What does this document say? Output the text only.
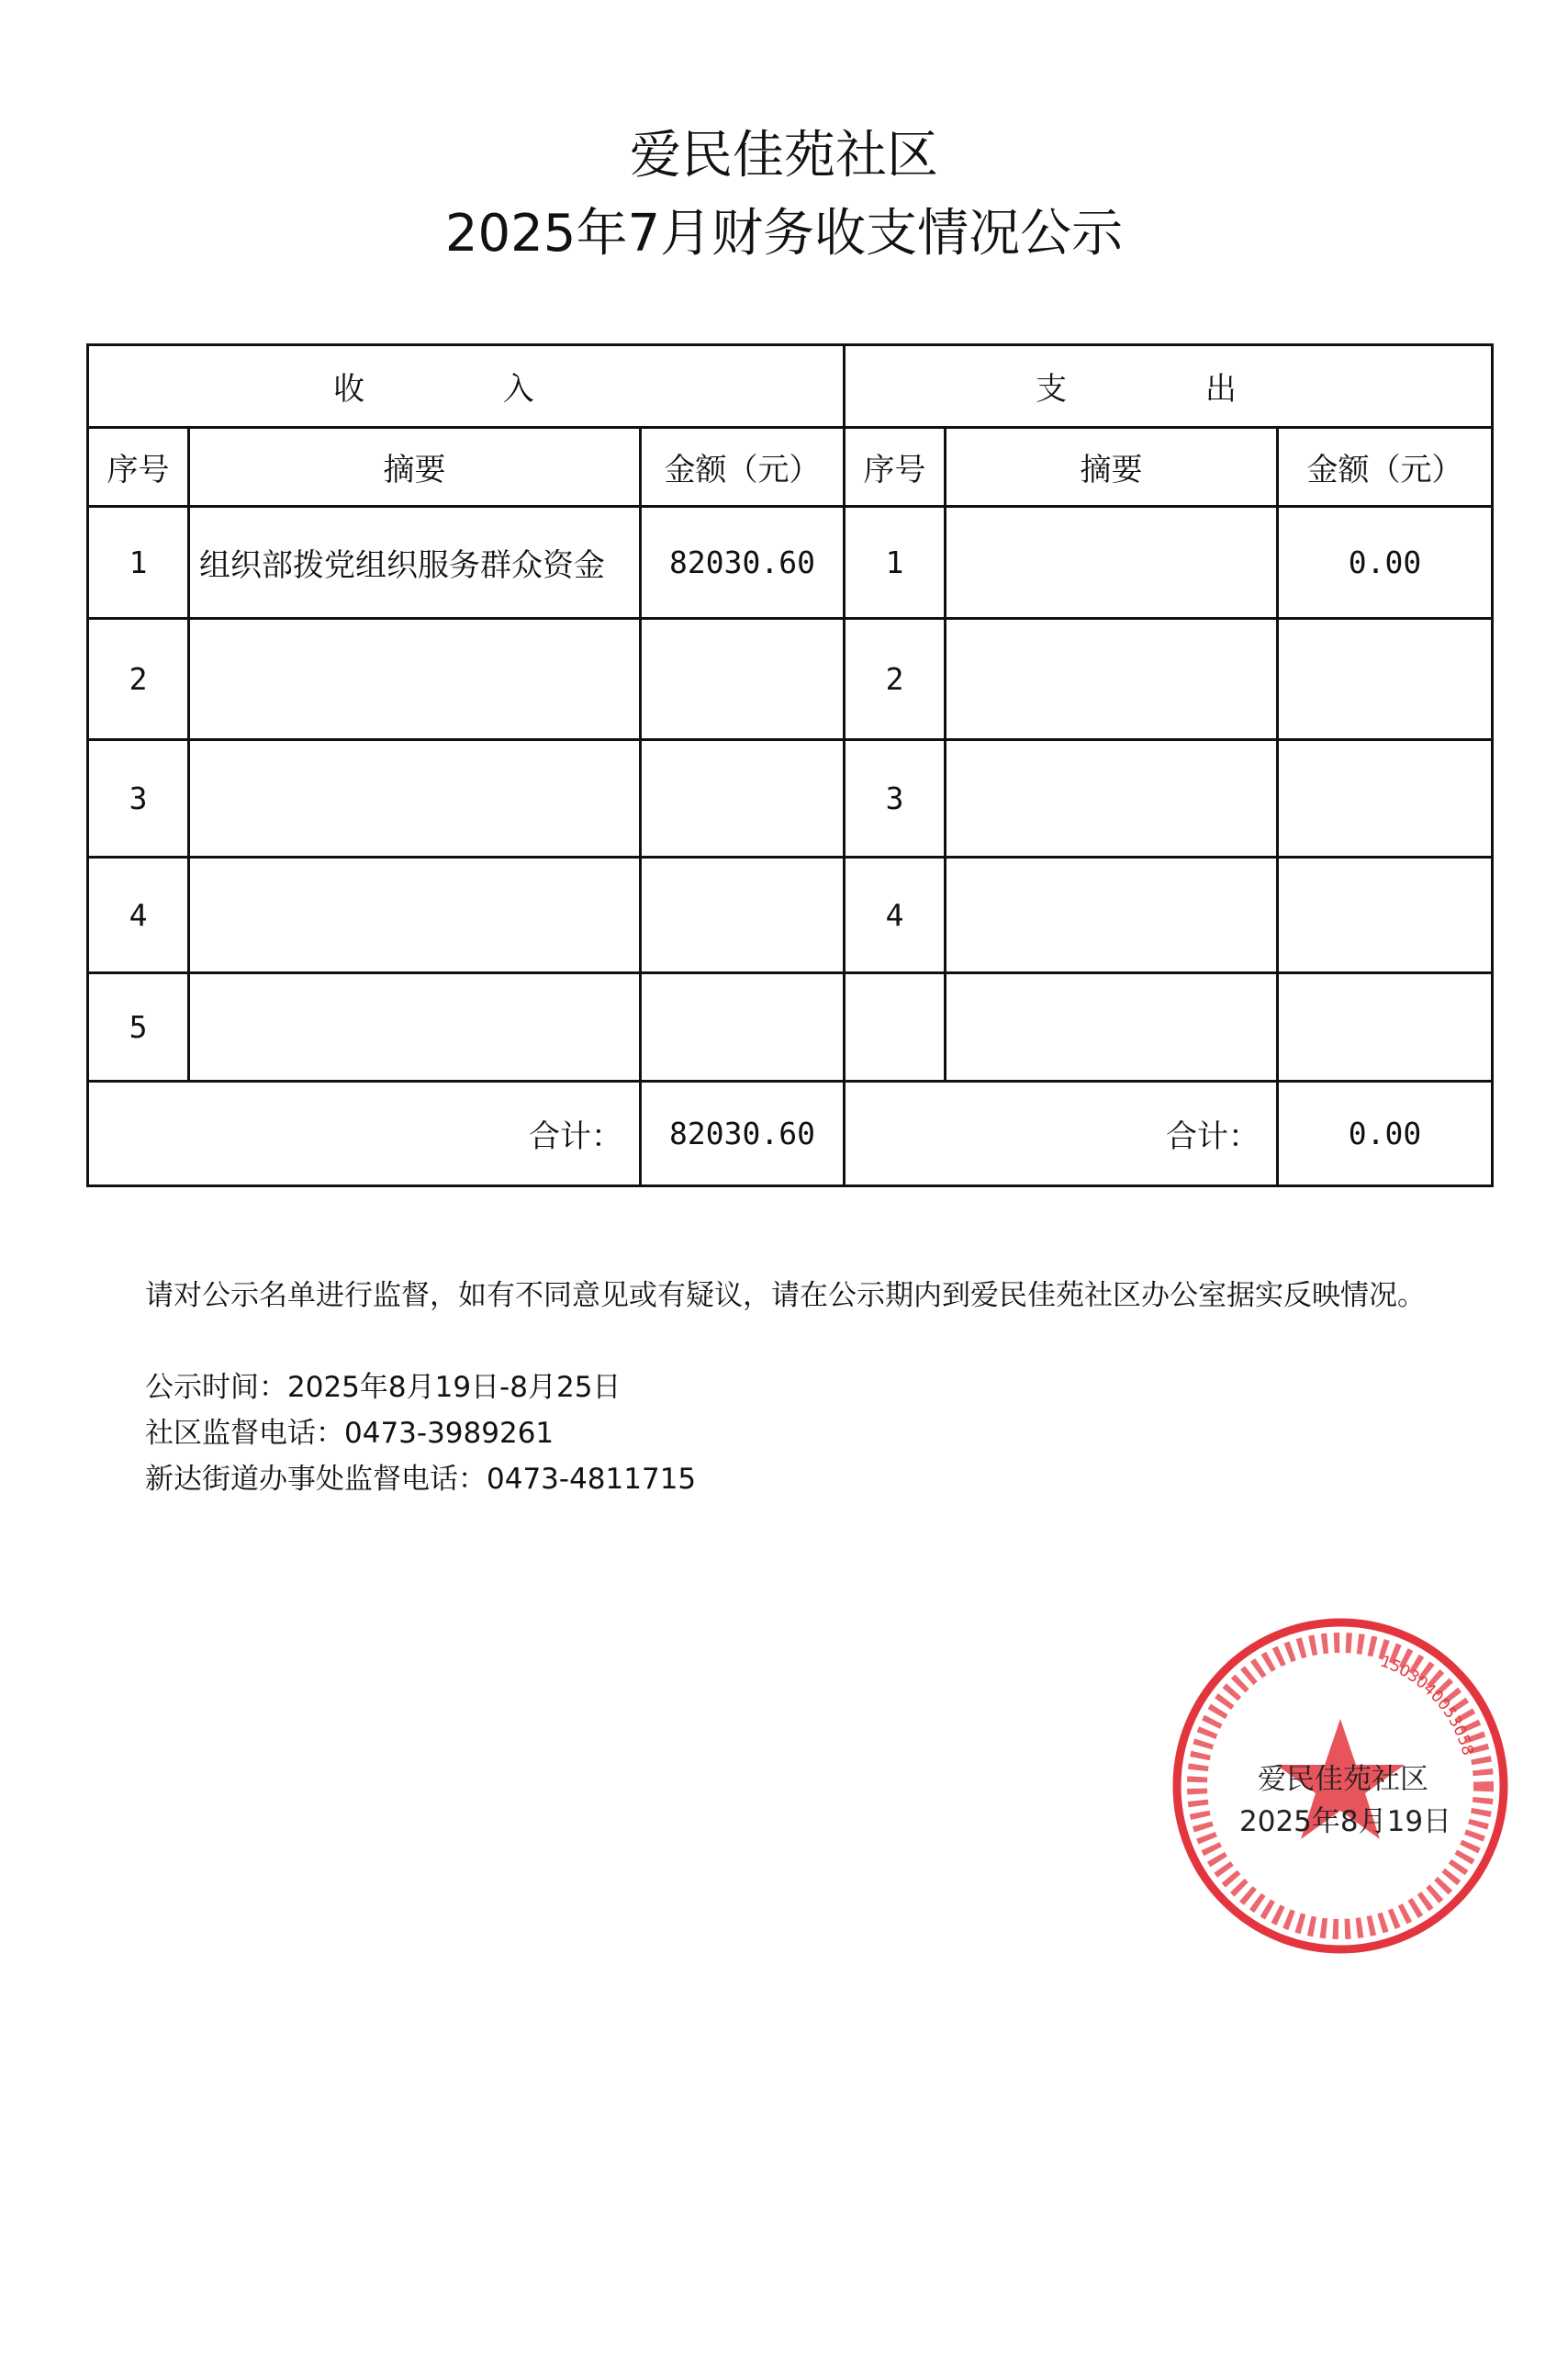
爱民佳苑社区
2025年7月财务收支情况公示
收 入			支 出		
序号	摘要	金额（元）	序号	摘要	金额（元）
1	组织部拨党组织服务群众资金	82030.60	1		0.00
2			2		
3			3		
4			4		
5					
合计：		82030.60	合计：		0.00
请对公示名单进行监督，如有不同意见或有疑议，请在公示期内到爱民佳苑社区办公室据实反映情况。
公示时间：2025年8月19日-8月25日
社区监督电话：0473-3989261
新达街道办事处监督电话：0473-4811715
1503040053058
爱民佳苑社区
2025年8月19日
